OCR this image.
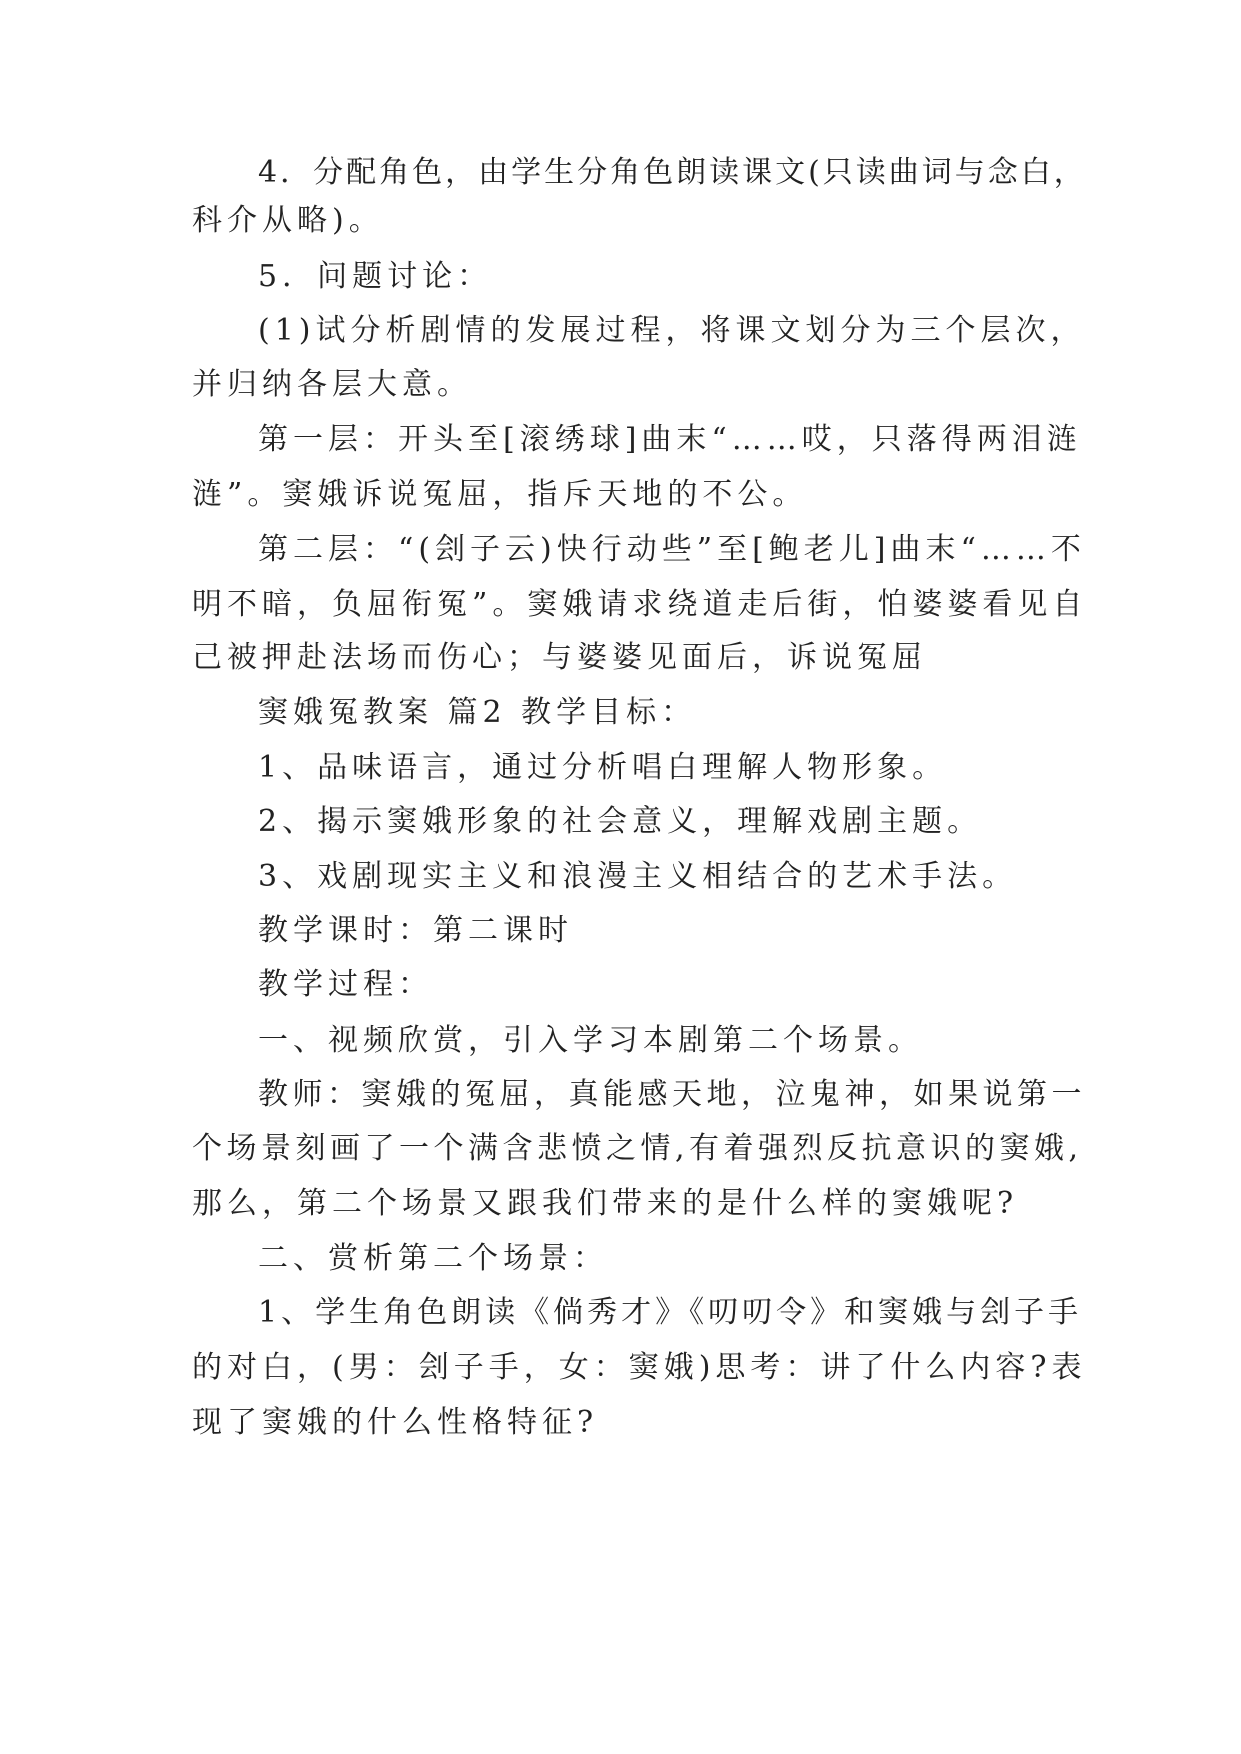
4．分配角色，由学生分角色朗读课文(只读曲词与念白，
科介从略)。
5．问题讨论：
(1)试分析剧情的发展过程，将课文划分为三个层次，
并归纳各层大意。
第一层：开头至[滚绣球]曲末“……哎，只落得两泪涟
涟”。窦娥诉说冤屈，指斥天地的不公。
第二层：“(刽子云)快行动些”至[鲍老儿]曲末“……不
明不暗，负屈衔冤”。窦娥请求绕道走后街，怕婆婆看见自
己被押赴法场而伤心；与婆婆见面后，诉说冤屈
窦娥冤教案 篇2 教学目标：
1、品味语言，通过分析唱白理解人物形象。
2、揭示窦娥形象的社会意义，理解戏剧主题。
3、戏剧现实主义和浪漫主义相结合的艺术手法。
教学课时：第二课时
教学过程：
一、视频欣赏，引入学习本剧第二个场景。
教师：窦娥的冤屈，真能感天地，泣鬼神，如果说第一
个场景刻画了一个满含悲愤之情,有着强烈反抗意识的窦娥,
那么，第二个场景又跟我们带来的是什么样的窦娥呢?
二、赏析第二个场景：
1、学生角色朗读《倘秀才》《叨叨令》和窦娥与刽子手
的对白，(男：刽子手，女：窦娥)思考：讲了什么内容?表
现了窦娥的什么性格特征?
